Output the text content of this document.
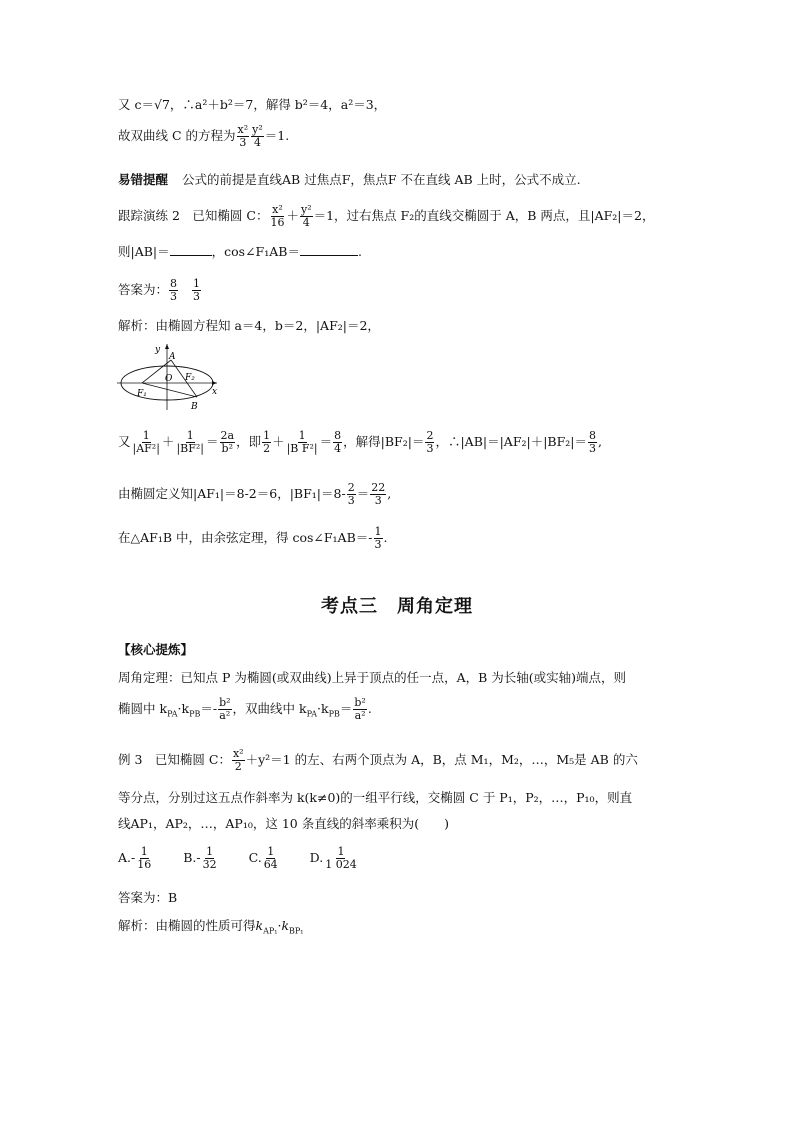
又 c＝√7，∴a²＋b²＝7，解得 b²＝4，a²＝3，
故双曲线 C 的方程为 $\frac{\text{x²}}{3} \frac{\text{y²}}{4} =1$.
易错提醒 公式的前提是直线AB 过焦点F，焦点F 不在直线 AB 上时，公式不成立.
跟踪演练 2　已知椭圆 C： $\frac{\text{x²}}{16} + \frac{\text{y²}}{4} =1$，过右焦点 F₂的直线交椭圆于 A，B 两点，且|AF₂|＝2，
则|AB|＝	，cos∠F₁AB＝	.
答案为： $\frac{8}{3} \frac{1}{3}$
解析：由椭圆方程知 a＝4，b＝2，|AF₂|＝2，
y
A
O F₂
x
F₁
B
又 $\frac{1}{\text{|AF²|}} + \frac{1}{\text{|BF²|}} = \frac{2a}{\text{b²}}$ ，即 $\frac{1}{2} + \frac{1}{\text{|B F²|}} = \frac{8}{4}$ ，解得$|BF_2|= \frac{2}{3}$ ，∴|AB|＝|AF₂|＋|BF₂|＝ $\frac{8}{3}$ ,
由椭圆定义知|AF₁|＝8-2＝6，$|BF_1|=8- \frac{2}{3} = \frac{22}{3}$ ,
在△AF₁B 中，由余弦定理，得 cos∠F₁AB＝- $\frac{1}{3}$ .
考点三　周角定理
【核心提炼】
周角定理：已知点 P 为椭圆(或双曲线)上异于顶点的任一点，A，B 为长轴(或实轴)端点，则
椭圆中 $k_{PA}\cdot k_{PB}=- \frac{\text{b²}}{\text{a²}}$ ，双曲线中 $k_{PA}\cdot k_{PB}= \frac{\text{b²}}{\text{a²}}$ .
例 3　已知椭圆 C： $\frac{\text{x²}}{2} +y^2=1$ 的左、右两个顶点为 A，B，点 M₁，M₂，…，M₅是 AB 的六
等分点，分别过这五点作斜率为 k(k≠0)的一组平行线，交椭圆 C 于 P₁，P₂，…，P₁₀，则直
线AP₁，AP₂，…，AP₁₀，这 10 条直线的斜率乘积为(　　)
$A.- \frac{1}{16} B.- \frac{1}{32} C$. $\frac{1}{64} D$. $\frac{1}{1 024}$
答案为：B
解析：由椭圆的性质可得$k_{AP_1}\cdot k_{BP_1}$
